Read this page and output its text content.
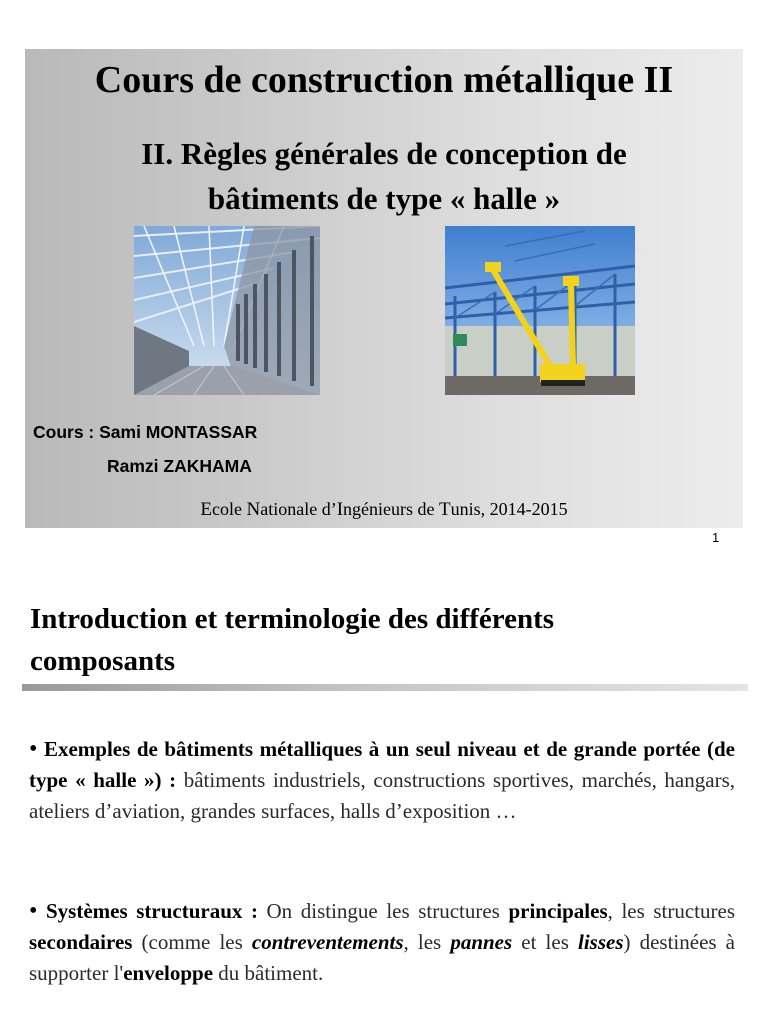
Cours de construction métallique II
II. Règles générales de conception de
bâtiments de type « halle »
Cours : Sami MONTASSAR
Ramzi ZAKHAMA
Ecole Nationale d’Ingénieurs de Tunis, 2014-2015
1
Introduction et terminologie des différents
composants
• Exemples de bâtiments métalliques à un seul niveau et de grande portée (de type « halle ») : bâtiments industriels, constructions sportives, marchés, hangars, ateliers d’aviation, grandes surfaces, halls d’exposition …
• Systèmes structuraux : On distingue les structures principales, les structures secondaires (comme les contreventements, les pannes et les lisses) destinées à supporter l'enveloppe du bâtiment.
